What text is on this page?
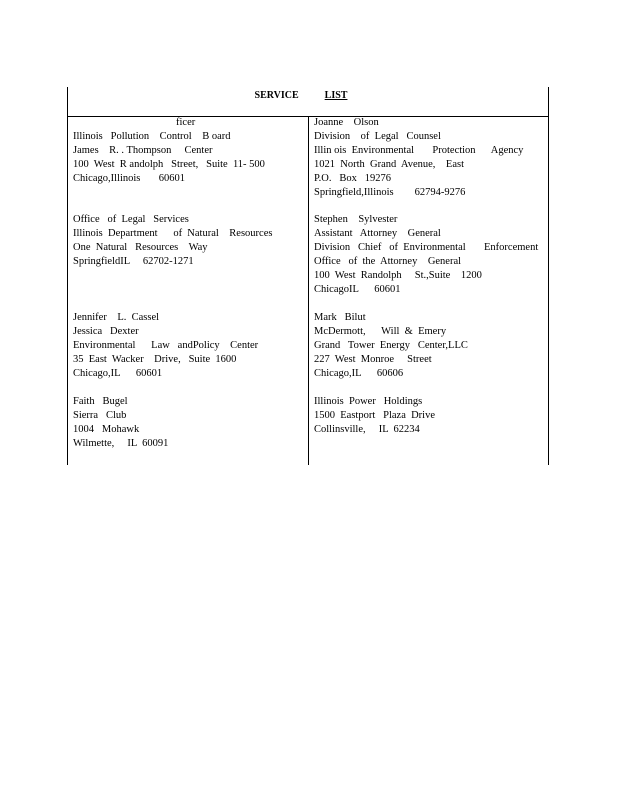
SERVICE	LIST
ficer
Illinois   Pollution    Control    B oard
James    R. . Thompson     Center
100  West  R andolph   Street,   Suite  11- 500
Chicago,Illinois       60601
Office   of  Legal   Services
Illinois  Department      of  Natural    Resources
One  Natural   Resources    Way
SpringfieldIL     62702-1271
Jennifer    L.  Cassel
Jessica   Dexter
Environmental      Law   andPolicy    Center
35  East  Wacker    Drive,   Suite  1600
Chicago,IL      60601
Faith   Bugel
Sierra   Club
1004   Mohawk
Wilmette,     IL  60091
Joanne    Olson
Division    of  Legal   Counsel
Illin ois  Environmental       Protection      Agency
1021  North  Grand  Avenue,    East
P.O.   Box   19276
Springfield,Illinois        62794-9276
Stephen    Sylvester
Assistant   Attorney    General
Division   Chief   of  Environmental       Enforcement
Office   of  the  Attorney    General
100  West  Randolph     St.,Suite    1200
ChicagoIL      60601
Mark   Bilut
McDermott,      Will  &  Emery
Grand   Tower  Energy   Center,LLC
227  West  Monroe     Street
Chicago,IL      60606
Illinois  Power   Holdings
1500  Eastport   Plaza  Drive
Collinsville,     IL  62234
